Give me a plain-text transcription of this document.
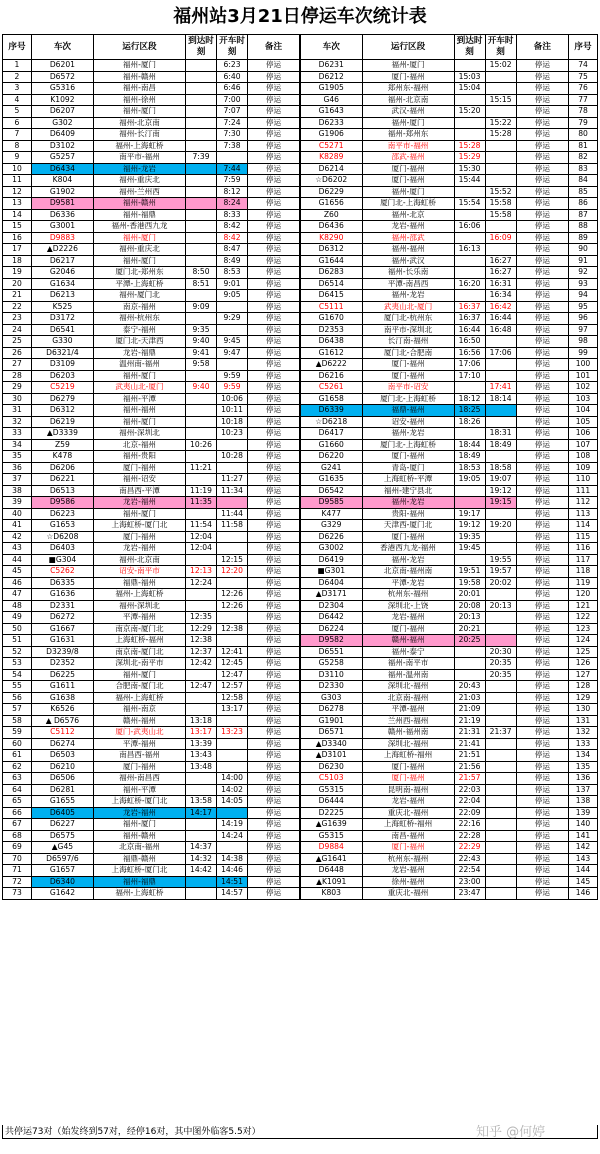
福州站3月21日停运车次统计表
序号	车次	运行区段	到达时刻	开车时刻	备注	车次	运行区段	到达时刻	开车时刻	备注	序号
1	D6201	福州-厦门		6:23	停运	D6231	福州-厦门		15:02	停运	74
2	D6572	福州-赣州		6:40	停运	D6212	厦门-福州	15:03		停运	75
3	G5316	福州-南昌		6:46	停运	G1905	郑州东-福州	15:04		停运	76
4	K1092	福州-徐州		7:00	停运	G46	福州-北京南		15:15	停运	77
5	D6207	福州-厦门		7:07	停运	G1643	武汉-福州	15:20		停运	78
6	G302	福州-北京南		7:24	停运	D6233	福州-厦门		15:22	停运	79
7	D6409	福州-长汀南		7:30	停运	G1906	福州-郑州东		15:28	停运	80
8	D3102	福州-上海虹桥		7:38	停运	C5271	南平市-福州	15:28		停运	81
9	G5257	南平市-福州	7:39		停运	K8289	邵武-福州	15:29		停运	82
10	D6434	福州-龙岩		7:44	停运	D6214	厦门-福州	15:30		停运	83
11	K804	福州-重庆北		7:59	停运	☆D6202	厦门-福州	15:44		停运	84
12	G1902	福州-兰州西		8:12	停运	D6229	福州-厦门		15:52	停运	85
13	D9581	福州-赣州		8:24	停运	G1656	厦门北-上海虹桥	15:54	15:58	停运	86
14	D6336	福州-福鼎		8:33	停运	Z60	福州-北京		15:58	停运	87
15	G3001	福州-香港西九龙		8:42	停运	D6436	龙岩-福州	16:06		停运	88
16	D9883	福州-厦门		8:42	停运	K8290	福州-邵武		16:09	停运	89
17	▲D2226	福州-重庆北		8:47	停运	D6312	福州-福州	16:13		停运	90
18	D6217	福州-厦门		8:49	停运	G1644	福州-武汉		16:27	停运	91
19	G2046	厦门北-郑州东	8:50	8:53	停运	D6283	福州-长乐南		16:27	停运	92
20	G1634	平潭-上海虹桥	8:51	9:01	停运	D6514	平潭-南昌西	16:20	16:31	停运	93
21	D6213	福州-厦门北		9:05	停运	D6415	福州-龙岩		16:34	停运	94
22	K525	南京-福州	9:09		停运	C5111	武夷山北-厦门	16:37	16:42	停运	95
23	D3172	福州-杭州东		9:29	停运	G1670	厦门北-杭州东	16:37	16:44	停运	96
24	D6541	泰宁-福州	9:35		停运	D2353	南平市-深圳北	16:44	16:48	停运	97
25	G330	厦门北-天津西	9:40	9:45	停运	D6438	长汀南-福州	16:50		停运	98
26	D6321/4	龙岩-福鼎	9:41	9:47	停运	G1612	厦门北-合肥南	16:56	17:06	停运	99
27	D3109	温州南-福州	9:58		停运	▲D6222	厦门-福州	17:06		停运	100
28	D6203	福州-厦门		9:59	停运	D6216	厦门-福州	17:10		停运	101
29	C5219	武夷山北-厦门	9:40	9:59	停运	C5261	南平市-诏安		17:41	停运	102
30	D6279	福州-平潭		10:06	停运	G1658	厦门北-上海虹桥	18:12	18:14	停运	103
31	D6312	福州-福州		10:11	停运	D6339	福鼎-福州	18:25		停运	104
32	D6219	福州-厦门		10:18	停运	☆D6218	诏安-福州	18:26		停运	105
33	▲D3339	福州-深圳北		10:23	停运	D6417	福州-龙岩		18:31	停运	106
34	Z59	北京-福州	10:26		停运	G1660	厦门北-上海虹桥	18:44	18:49	停运	107
35	K478	福州-贵阳		10:28	停运	D6220	厦门-福州	18:49		停运	108
36	D6206	厦门-福州	11:21		停运	G241	青岛-厦门	18:53	18:58	停运	109
37	D6221	福州-诏安		11:27	停运	G1635	上海虹桥-平潭	19:05	19:07	停运	110
38	D6513	南昌西-平潭	11:19	11:34	停运	D6542	福州-建宁县北		19:12	停运	111
39	D9586	龙岩-福州	11:35		停运	D9585	福州-龙岩		19:15	停运	112
40	D6223	福州-厦门		11:44	停运	K477	贵阳-福州	19:17		停运	113
41	G1653	上海虹桥-厦门北	11:54	11:58	停运	G329	天津西-厦门北	19:12	19:20	停运	114
42	☆D6208	厦门-福州	12:04		停运	D6226	厦门-福州	19:35		停运	115
43	D6403	龙岩-福州	12:04		停运	G3002	香港西九龙-福州	19:45		停运	116
44	■G304	福州-北京南		12:15	停运	D6419	福州-龙岩		19:55	停运	117
45	C5262	诏安-南平市	12:13	12:20	停运	■G301	北京南-福州南	19:51	19:57	停运	118
46	D6335	福鼎-福州	12:24		停运	D6404	平潭-龙岩	19:58	20:02	停运	119
47	G1636	福州-上海虹桥		12:26	停运	▲D3171	杭州东-福州	20:01		停运	120
48	D2331	福州-深圳北		12:26	停运	D2304	深圳北-上饶	20:08	20:13	停运	121
49	D6272	平潭-福州	12:35		停运	D6442	龙岩-福州	20:13		停运	122
50	G1667	南京南-厦门北	12:29	12:38	停运	D6224	厦门-福州	20:21		停运	123
51	G1631	上海虹桥-福州	12:38		停运	D9582	赣州-福州	20:25		停运	124
52	D3239/8	南京南-厦门北	12:37	12:41	停运	D6551	福州-泰宁		20:30	停运	125
53	D2352	深圳北-南平市	12:42	12:45	停运	G5258	福州-南平市		20:35	停运	126
54	D6225	福州-厦门		12:47	停运	D3110	福州-温州南		20:35	停运	127
55	G1611	合肥南-厦门北	12:47	12:57	停运	D2330	深圳北-福州	20:43		停运	128
56	G1638	福州-上海虹桥		12:58	停运	G303	北京南-福州	21:03		停运	129
57	K6526	福州-南京		13:17	停运	D6278	平潭-福州	21:09		停运	130
58	▲ D6576	赣州-福州	13:18		停运	G1901	兰州西-福州	21:19		停运	131
59	C5112	厦门-武夷山北	13:17	13:23	停运	D6571	赣州-福州南	21:31	21:37	停运	132
60	D6274	平潭-福州	13:39		停运	▲D3340	深圳北-福州	21:41		停运	133
61	D6503	南昌西-福州	13:43		停运	▲D3101	上海虹桥-福州	21:51		停运	134
62	D6210	厦门-福州	13:48		停运	D6230	厦门-福州	21:56		停运	135
63	D6506	福州-南昌西		14:00	停运	C5103	厦门-福州	21:57		停运	136
64	D6281	福州-平潭		14:02	停运	G5315	昆明南-福州	22:03		停运	137
65	G1655	上海虹桥-厦门北	13:58	14:05	停运	D6444	龙岩-福州	22:04		停运	138
66	D6405	龙岩-福州	14:17		停运	D2225	重庆北-福州	22:09		停运	139
67	D6227	福州-厦门		14:19	停运	▲G1639	上海虹桥-福州	22:16		停运	140
68	D6575	福州-赣州		14:24	停运	G5315	南昌-福州	22:28		停运	141
69	▲G45	北京南-福州	14:37		停运	D9884	厦门-福州	22:29		停运	142
70	D6597/6	福鼎-赣州	14:32	14:38	停运	▲G1641	杭州东-福州	22:43		停运	143
71	G1657	上海虹桥-厦门北	14:42	14:46	停运	D6448	龙岩-福州	22:54		停运	144
72	D6340	福州-福鼎		14:51	停运	▲K1091	徐州-福州	23:00		停运	145
73	G1642	福州-上海虹桥		14:57	停运	K803	重庆北-福州	23:47		停运	146
共停运73对（始发终到57对，经停16对，其中图外临客5.5对）	知乎 @何婷
